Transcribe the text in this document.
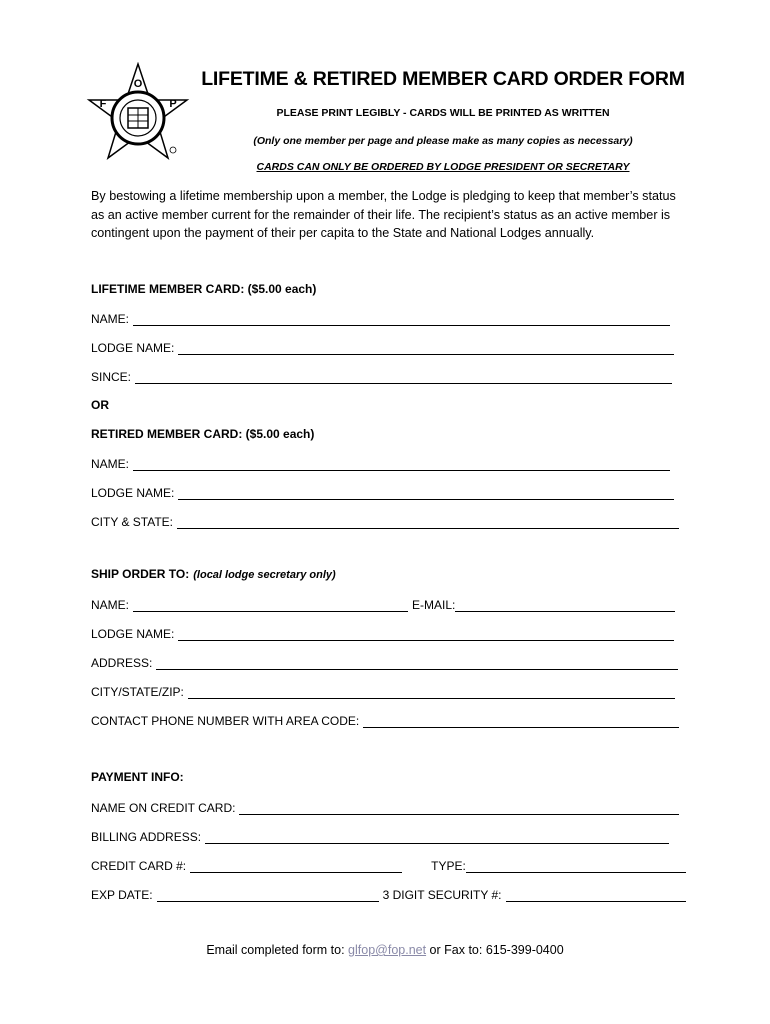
F
O
P
LIFETIME & RETIRED MEMBER CARD ORDER FORM
PLEASE PRINT LEGIBLY - CARDS WILL BE PRINTED AS WRITTEN
(Only one member per page and please make as many copies as necessary)
CARDS CAN ONLY BE ORDERED BY LODGE PRESIDENT OR SECRETARY
By bestowing a lifetime membership upon a member, the Lodge is pledging to keep that member’s status as an active member current for the remainder of their life. The recipient’s status as an active member is contingent upon the payment of their per capita to the State and National Lodges annually.
LIFETIME MEMBER CARD: ($5.00 each)
NAME:
LODGE NAME:
SINCE:
OR
RETIRED MEMBER CARD: ($5.00 each)
NAME:
LODGE NAME:
CITY & STATE:
SHIP ORDER TO: (local lodge secretary only)
NAME:	E-MAIL:
LODGE NAME:
ADDRESS:
CITY/STATE/ZIP:
CONTACT PHONE NUMBER WITH AREA CODE:
PAYMENT INFO:
NAME ON CREDIT CARD:
BILLING ADDRESS:
CREDIT CARD #:	TYPE:
EXP DATE:	3 DIGIT SECURITY #:
Email completed form to: glfop@fop.net or Fax to: 615-399-0400
